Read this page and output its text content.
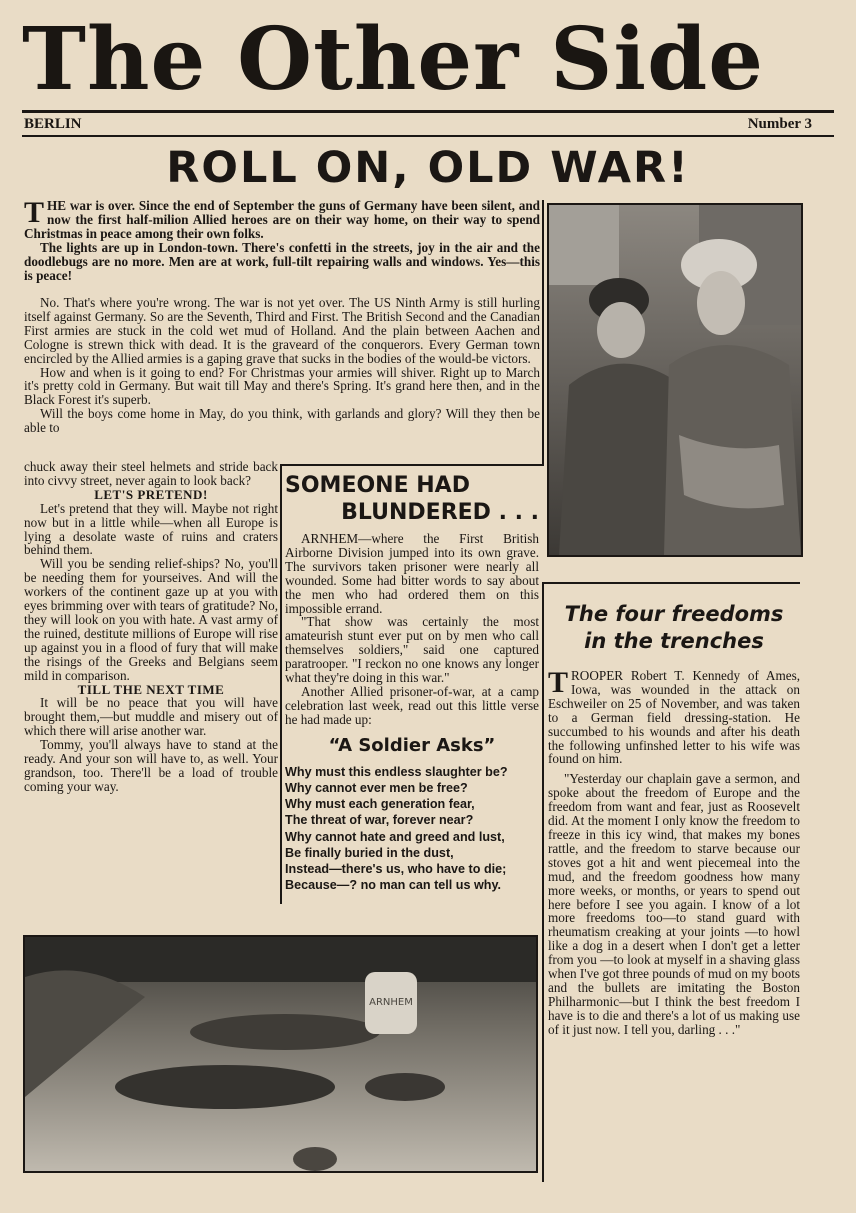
The Other Side
BERLIN	Number 3
ROLL ON, OLD WAR!

THE war is over. Since the end of September the guns of Germany have been silent, and now the first half-milion Allied heroes are on their way home, on their way to spend Christmas in peace among their own folks.

The lights are up in London-town. There's confetti in the streets, joy in the air and the doodlebugs are no more. Men are at work, full-tilt repairing walls and windows. Yes—this is peace!

No. That's where you're wrong. The war is not yet over. The US Ninth Army is still hurling itself against Germany. So are the Seventh, Third and First. The British Second and the Canadian First armies are stuck in the cold wet mud of Holland. And the plain between Aachen and Cologne is strewn thick with dead. It is the graveard of the conquerors. Every German town encircled by the Allied armies is a gaping grave that sucks in the bodies of the would-be victors.

How and when is it going to end? For Christmas your armies will shiver. Right up to March it's pretty cold in Germany. But wait till May and there's Spring. It's grand here then, and in the Black Forest it's superb.

Will the boys come home in May, do you think, with garlands and glory? Will they then be able to

chuck away their steel helmets and stride back into civvy street, never again to look back?

LET'S PRETEND!

Let's pretend that they will. Maybe not right now but in a little while—when all Europe is lying a desolate waste of ruins and craters behind them.

Will you be sending relief-ships? No, you'll be needing them for yourseives. And will the workers of the continent gaze up at you with eyes brimming over with tears of gratitude? No, they will look on you with hate. A vast army of the ruined, destitute millions of Europe will rise up against you in a flood of fury that will make the risings of the Greeks and Belgians seem mild in comparison.

TILL THE NEXT TIME

It will be no peace that you will have brought them,—but muddle and misery out of which there will arise another war.

Tommy, you'll always have to stand at the ready. And your son will have to, as well. Your grandson, too. There'll be a load of trouble coming your way.

SOMEONE HAD
BLUNDERED . . .

ARNHEM—where the First British Airborne Division jumped into its own grave. The survivors taken prisoner were nearly all wounded. Some had bitter words to say about the men who had ordered them on this impossible errand.

"That show was certainly the most amateurish stunt ever put on by men who call themselves soldiers," said one captured paratrooper. "I reckon no one knows any longer what they're doing in this war."

Another Allied prisoner-of-war, at a camp celebration last week, read out this little verse he had made up:

“A Soldier Asks”
Why must this endless slaughter be?
Why cannot ever men be free?
Why must each generation fear,
The threat of war, forever near?
Why cannot hate and greed and lust,
Be finally buried in the dust,
Instead—there's us, who have to die;
Because—? no man can tell us why.
The four freedoms
in the trenches

TROOPER Robert T. Kennedy of Ames, Iowa, was wounded in the attack on Eschweiler on 25 of November, and was taken to a German field dressing-station. He succumbed to his wounds and after his death the following unfinshed letter to his wife was found on him.

"Yesterday our chaplain gave a sermon, and spoke about the freedom of Europe and the freedom from want and fear, just as Roosevelt did. At the moment I only know the freedom to freeze in this icy wind, that makes my bones rattle, and the freedom to starve because our stoves got a hit and went piecemeal into the mud, and the freedom goodness how many more weeks, or months, or years to spend out here before I see you again. I know of a lot more freedoms too—to stand guard with rheumatism creaking at your joints —to howl like a dog in a desert when I don't get a letter from you —to look at myself in a shaving glass when I've got three pounds of mud on my boots and the bullets are imitating the Boston Philharmonic—but I think the best freedom I have is to die and there's a lot of us making use of it just now. I tell you, darling . . ."

ARNHEM
